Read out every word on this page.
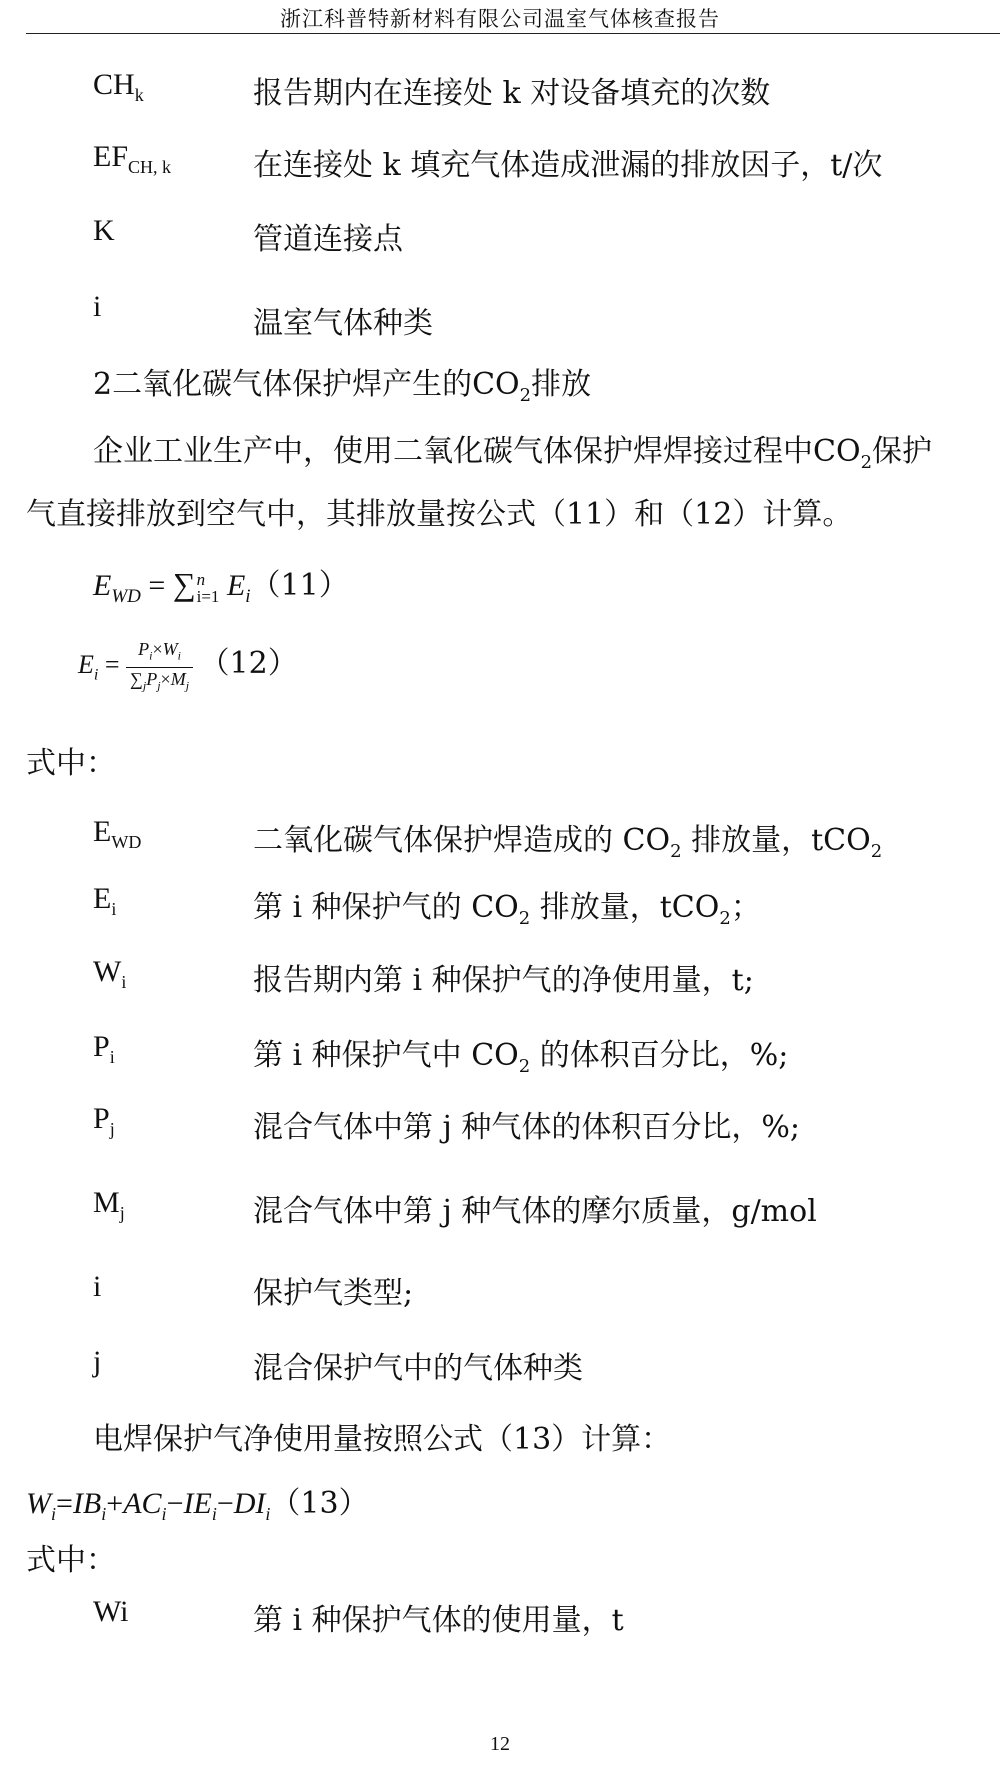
浙江科普特新材料有限公司温室气体核查报告
$CH_k$	报告期内在连接处 k 对设备填充的次数
$EF_{CH, k}$	在连接处 k 填充气体造成泄漏的排放因子，t/次
K	管道连接点
i	温室气体种类
2二氧化碳气体保护焊产生的$CO_2$排放
企业工业生产中，使用二氧化碳气体保护焊焊接过程中$CO_2$保护
气直接排放到空气中，其排放量按公式（11）和（12）计算。
$E_{WD}$ = ∑ n
i=1 $E_i(11)$
$E_i = \frac{P_i\times W_i}{\sum_jP_j\times M_j} (12)$
式中：
$E_{WD}$	二氧化碳气体保护焊造成的 $CO_2$ 排放量，tCO$_2$
$E_i$	第 i 种保护气的 $CO_2$ 排放量，tCO$_2$；
$W_i$	报告期内第 i 种保护气的净使用量，t;
$P_i$	第 i 种保护气中 $CO_2$ 的体积百分比，%;
$P_j$	混合气体中第 j 种气体的体积百分比，%;
$M_j$	混合气体中第 j 种气体的摩尔质量，g/mol
i	保护气类型;
j	混合保护气中的气体种类
电焊保护气净使用量按照公式（13）计算：
$W_i=IB_i+AC_i-IE_i-DI_i(13)$
式中：
Wi	第 i 种保护气体的使用量，t
12
